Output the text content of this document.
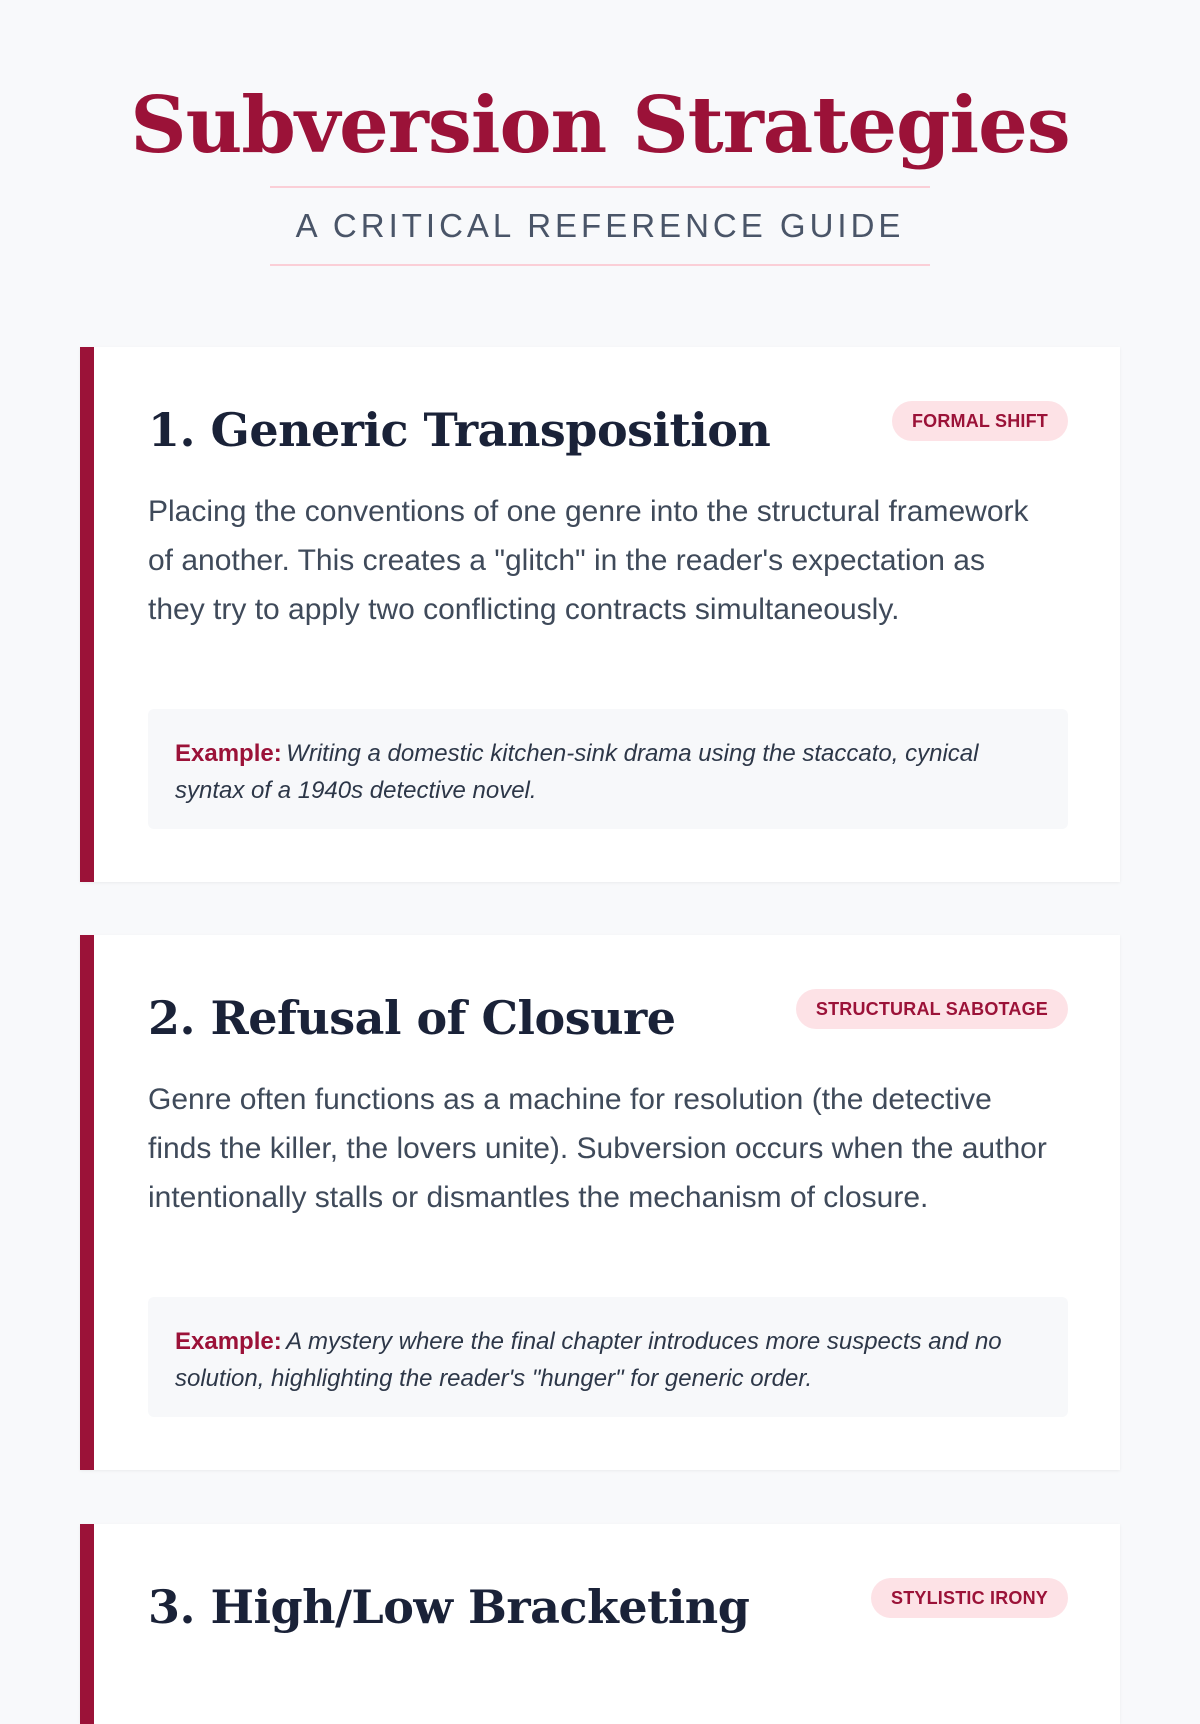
Subversion Strategies
A CRITICAL REFERENCE GUIDE
1. Generic Transposition	FORMAL SHIFT

Placing the conventions of one genre into the structural framework of another. This creates a "glitch" in the reader's expectation as they try to apply two conflicting contracts simultaneously.

Example: Writing a domestic kitchen-sink drama using the staccato, cynical syntax of a 1940s detective novel.

2. Refusal of Closure	STRUCTURAL SABOTAGE

Genre often functions as a machine for resolution (the detective finds the killer, the lovers unite). Subversion occurs when the author intentionally stalls or dismantles the mechanism of closure.

Example: A mystery where the final chapter introduces more suspects and no solution, highlighting the reader's "hunger" for generic order.

3. High/Low Bracketing	STYLISTIC IRONY
